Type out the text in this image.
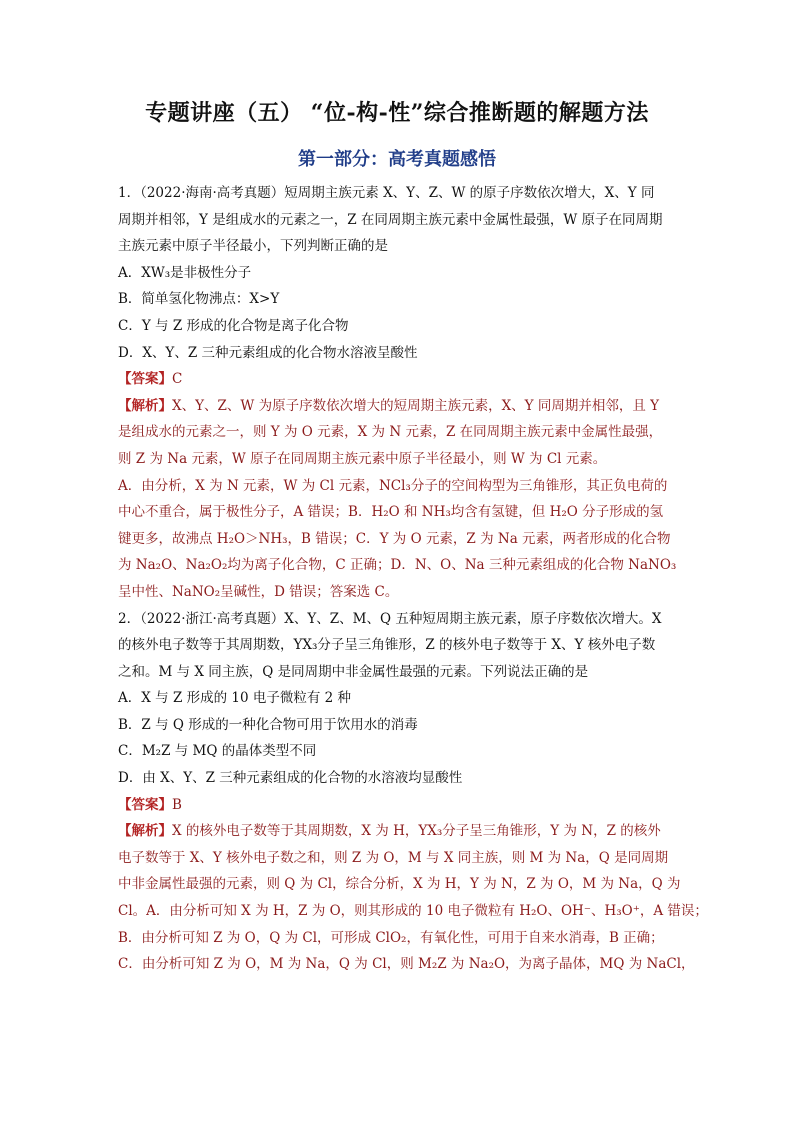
专题讲座（五） “位-构-性”综合推断题的解题方法
第一部分：高考真题感悟
1．（2022·海南·高考真题）短周期主族元素 X、Y、Z、W 的原子序数依次增大，X、Y 同
周期并相邻，Y 是组成水的元素之一，Z 在同周期主族元素中金属性最强，W 原子在同周期
主族元素中原子半径最小，下列判断正确的是
A．XW₃是非极性分子
B．简单氢化物沸点：X>Y
C．Y 与 Z 形成的化合物是离子化合物
D．X、Y、Z 三种元素组成的化合物水溶液呈酸性
【答案】C
【解析】X、Y、Z、W 为原子序数依次增大的短周期主族元素，X、Y 同周期并相邻，且 Y
是组成水的元素之一，则 Y 为 O 元素，X 为 N 元素，Z 在同周期主族元素中金属性最强，
则 Z 为 Na 元素，W 原子在同周期主族元素中原子半径最小，则 W 为 Cl 元素。
A．由分析，X 为 N 元素，W 为 Cl 元素，NCl₃分子的空间构型为三角锥形，其正负电荷的
中心不重合，属于极性分子，A 错误；B．H₂O 和 NH₃均含有氢键，但 H₂O 分子形成的氢
键更多，故沸点 H₂O＞NH₃，B 错误；C．Y 为 O 元素，Z 为 Na 元素，两者形成的化合物
为 Na₂O、Na₂O₂均为离子化合物，C 正确；D．N、O、Na 三种元素组成的化合物 NaNO₃
呈中性、NaNO₂呈碱性，D 错误；答案选 C。
2．（2022·浙江·高考真题）X、Y、Z、M、Q 五种短周期主族元素，原子序数依次增大。X
的核外电子数等于其周期数，YX₃分子呈三角锥形，Z 的核外电子数等于 X、Y 核外电子数
之和。M 与 X 同主族，Q 是同周期中非金属性最强的元素。下列说法正确的是
A．X 与 Z 形成的 10 电子微粒有 2 种
B．Z 与 Q 形成的一种化合物可用于饮用水的消毒
C．M₂Z 与 MQ 的晶体类型不同
D．由 X、Y、Z 三种元素组成的化合物的水溶液均显酸性
【答案】B
【解析】X 的核外电子数等于其周期数，X 为 H，YX₃分子呈三角锥形，Y 为 N，Z 的核外
电子数等于 X、Y 核外电子数之和，则 Z 为 O，M 与 X 同主族，则 M 为 Na，Q 是同周期
中非金属性最强的元素，则 Q 为 Cl，综合分析，X 为 H，Y 为 N，Z 为 O，M 为 Na，Q 为
Cl。A．由分析可知 X 为 H，Z 为 O，则其形成的 10 电子微粒有 H₂O、OH⁻、H₃O⁺，A 错误；
B．由分析可知 Z 为 O，Q 为 Cl，可形成 ClO₂，有氧化性，可用于自来水消毒，B 正确；
C．由分析可知 Z 为 O，M 为 Na，Q 为 Cl，则 M₂Z 为 Na₂O，为离子晶体，MQ 为 NaCl，
